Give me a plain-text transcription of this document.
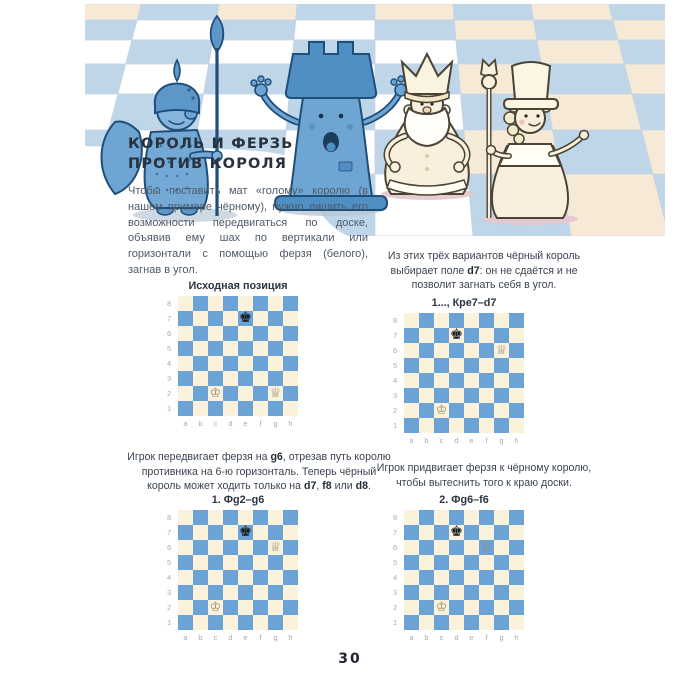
КОРОЛЬ И ФЕРЗЬ
ПРОТИВ КОРОЛЯ
Чтобы поставить мат «голому» королю (в нашем примере чёрному), нужно лишить его возможности передвигаться по доске, объявив ему шах по вертикали или горизонтали с помощью ферзя (белого), загнав в угол.
Из этих трёх вариантов чёрный король выбирает поле d7: он не сдаётся и не позволит загнать себя в угол.
Игрок передвигает ферзя на g6, отрезав путь королю противника на 6-ю горизонталь. Теперь чёрный король может ходить только на d7, f8 или d8.
Игрок придвигает ферзя к чёрному королю, чтобы вытеснить того к краю доски.
Исходная позиция
8
7	♚
6
5
4
3
2	♔	♕
1
a	b	c	d	e	f	g	h
1..., Кре7–d7
8
7	♚
6	♕
5
4
3
2	♔
1
a	b	c	d	e	f	g	h
1. Фg2–g6
8
7	♚
6	♕
5
4
3
2	♔
1
a	b	c	d	e	f	g	h
2. Фg6–f6
8
7	♚
6	♕
5
4
3
2	♔
1
a	b	c	d	e	f	g	h
30
